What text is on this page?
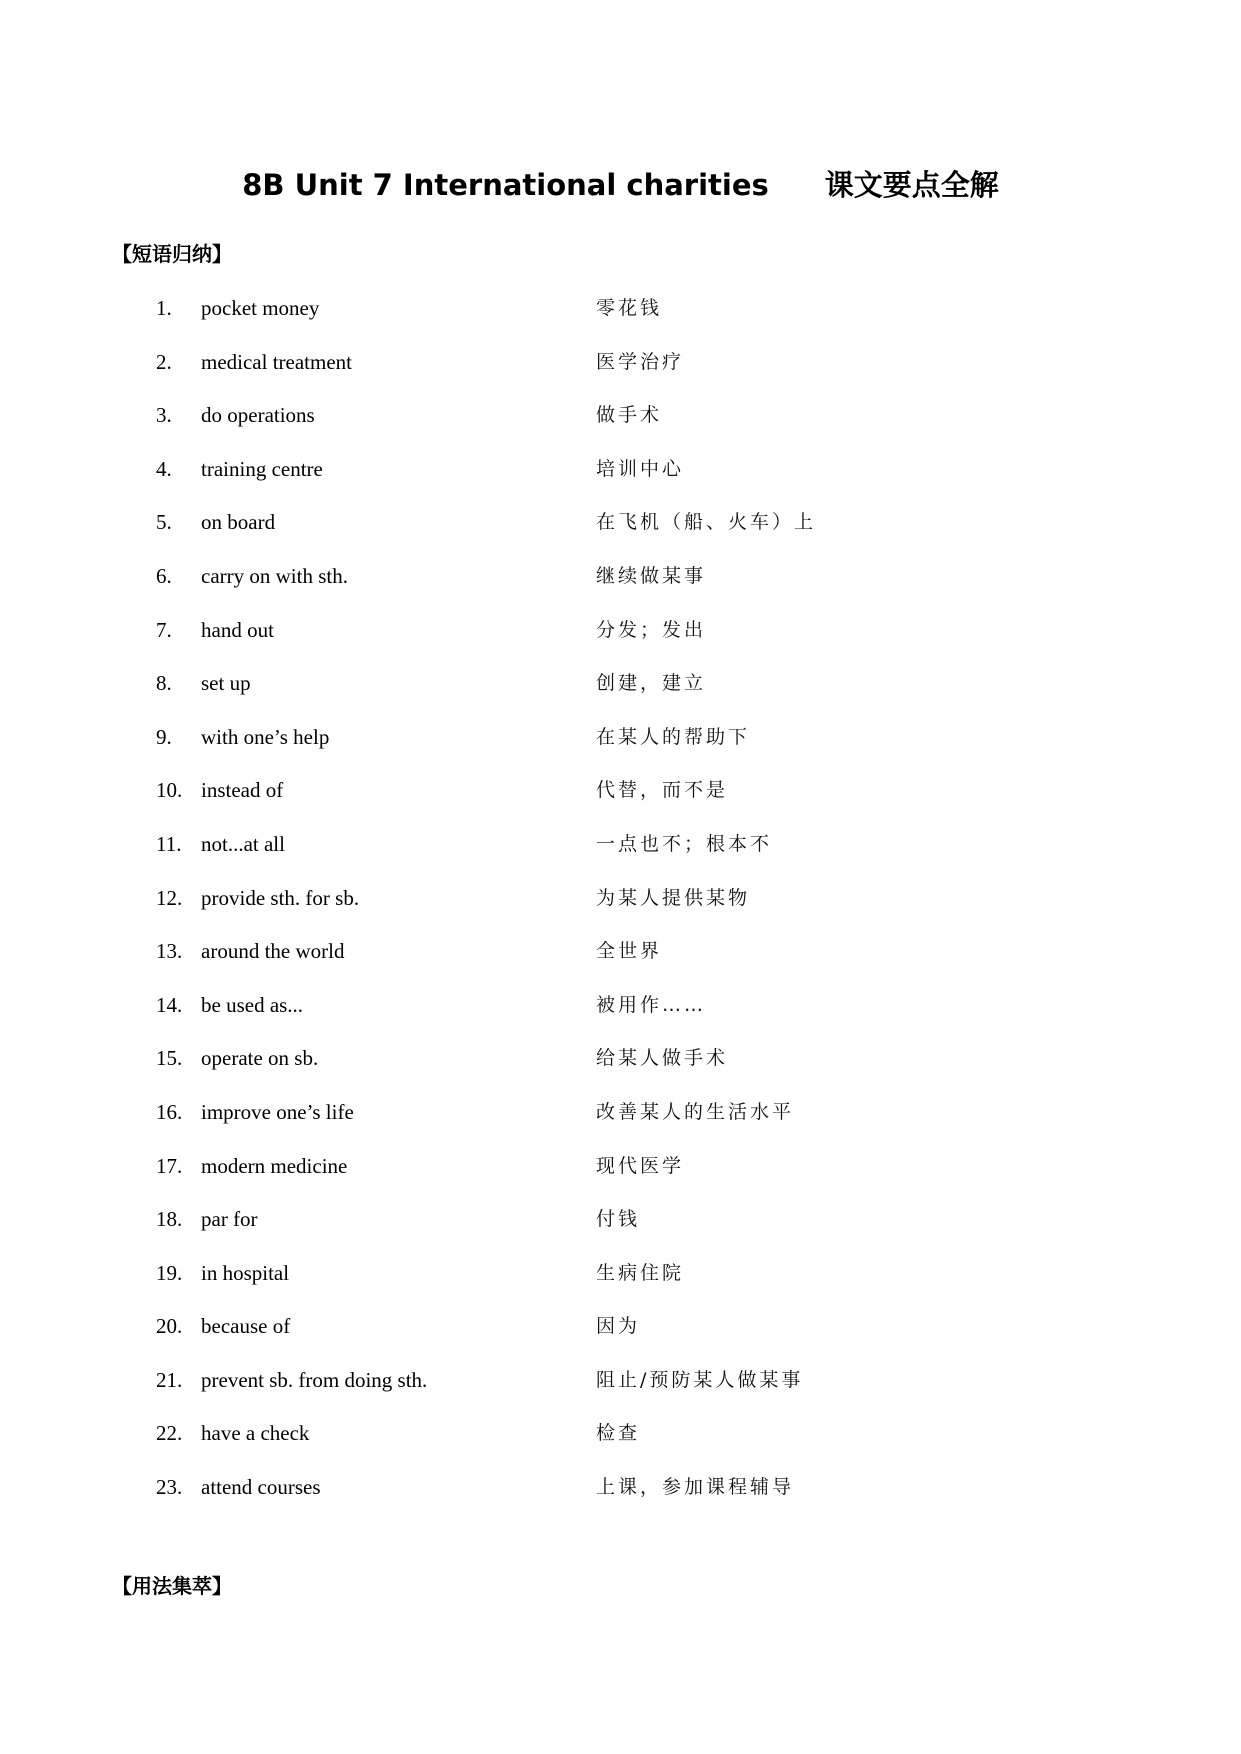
8B Unit 7 International charities 课文要点全解
【短语归纳】
1. pocket money	零花钱
2. medical treatment	医学治疗
3. do operations	做手术
4. training centre	培训中心
5. on board	在飞机（船、火车）上
6. carry on with sth.	继续做某事
7. hand out	分发；发出
8. set up	创建，建立
9. with one’s help	在某人的帮助下
10. instead of	代替，而不是
11. not...at all	一点也不；根本不
12. provide sth. for sb.	为某人提供某物
13. around the world	全世界
14. be used as...	被用作……
15. operate on sb.	给某人做手术
16. improve one’s life	改善某人的生活水平
17. modern medicine	现代医学
18. par for	付钱
19. in hospital	生病住院
20. because of	因为
21. prevent sb. from doing sth.	阻止/预防某人做某事
22. have a check	检查
23. attend courses	上课，参加课程辅导
【用法集萃】
